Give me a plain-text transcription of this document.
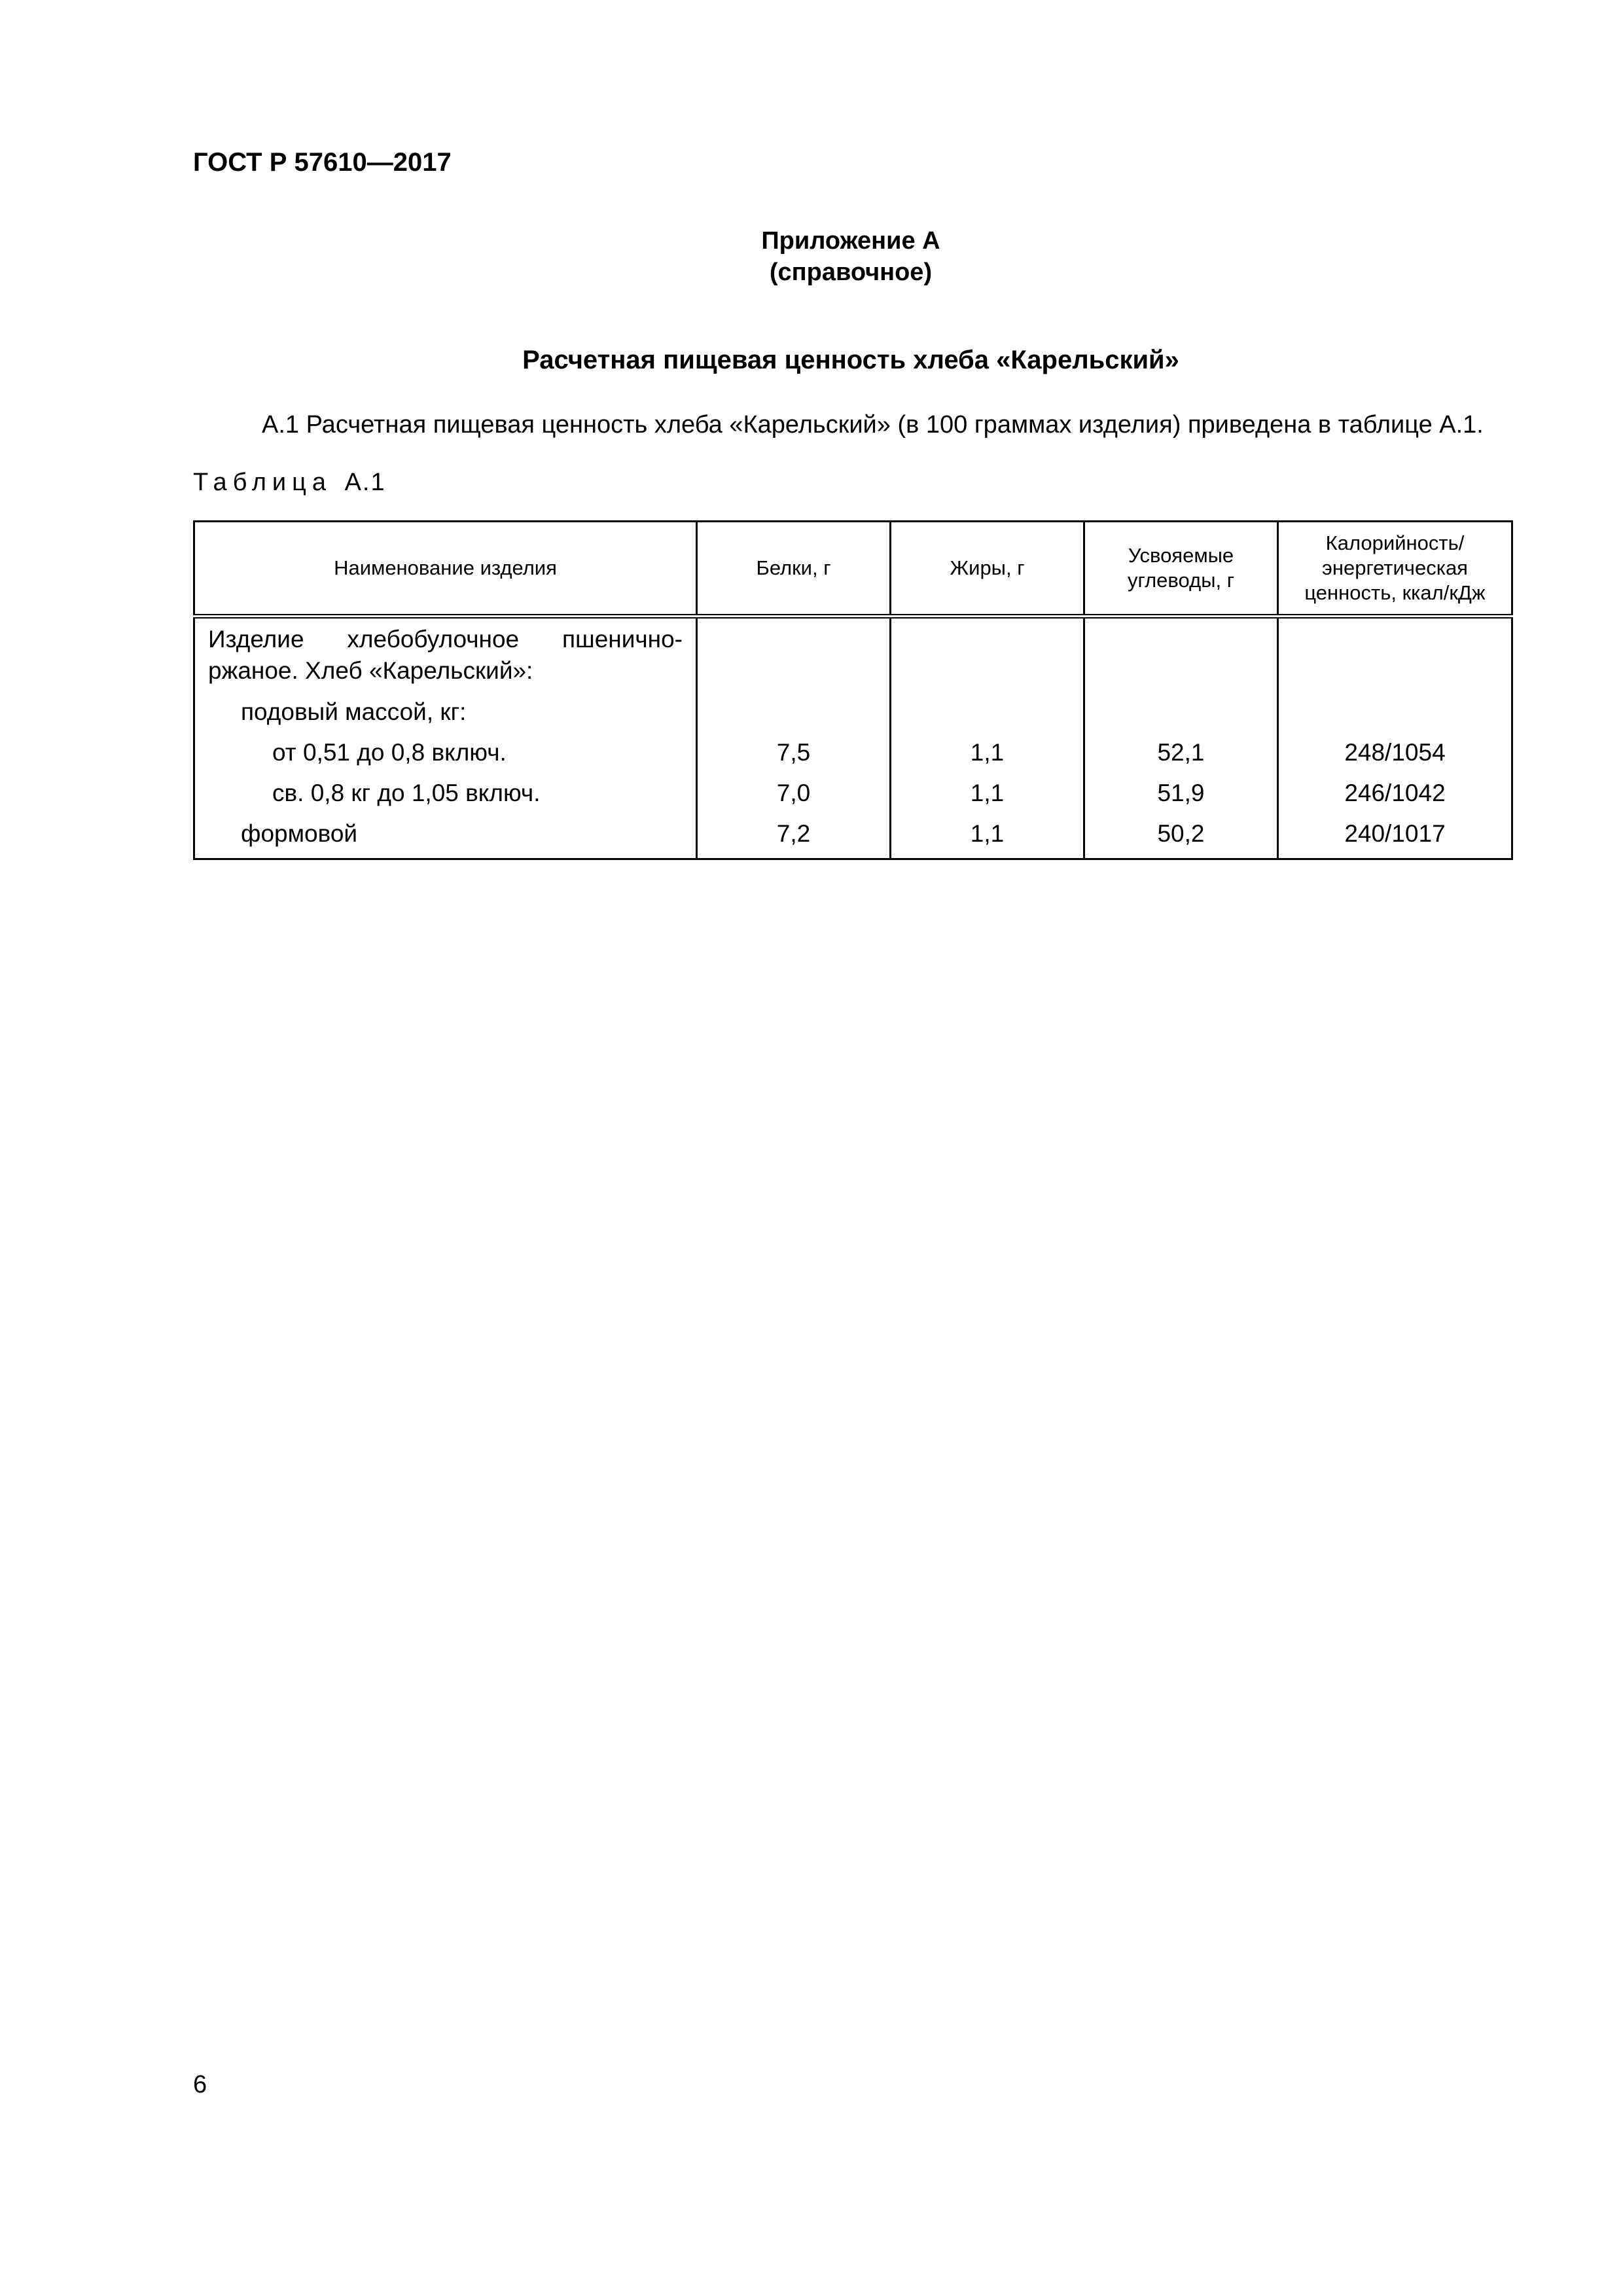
ГОСТ Р 57610—2017
Приложение А
(справочное)
Расчетная пищевая ценность хлеба «Карельский»
А.1 Расчетная пищевая ценность хлеба «Карельский» (в 100 граммах изделия) приведена в таблице А.1.
Таблица А.1
Наименование изделия	Белки, г	Жиры, г	Усвояемые углеводы, г	Калорийность/ энергетическая ценность, ккал/кДж
Изделие хлебобулочное пшенично-ржаное. Хлеб «Карельский»:				
подовый массой, кг:				
от 0,51 до 0,8 включ.	7,5	1,1	52,1	248/1054
св. 0,8 кг до 1,05 включ.	7,0	1,1	51,9	246/1042
формовой	7,2	1,1	50,2	240/1017
6
